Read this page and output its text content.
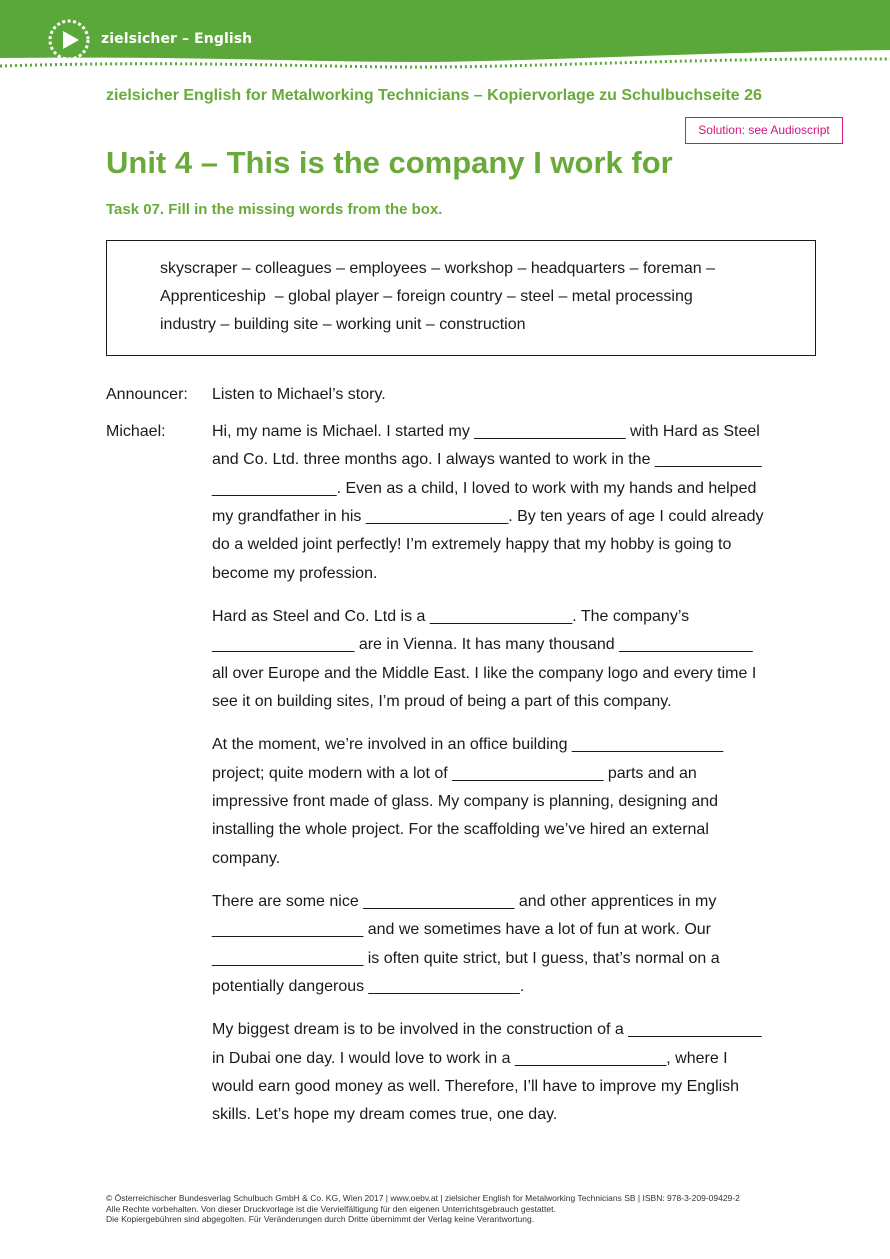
zielsicher – English
zielsicher English for Metalworking Technicians – Kopiervorlage zu Schulbuchseite 26
Solution: see Audioscript
Unit 4 – This is the company I work for
Task 07. Fill in the missing words from the box.
skyscraper – colleagues – employees – workshop – headquarters – foreman –
Apprenticeship  – global player – foreign country – steel – metal processing
industry – building site – working unit – construction
Announcer: Listen to Michael’s story.
Michael:	Hi, my name is Michael. I started my _________________ with Hard as Steel
and Co. Ltd. three months ago. I always wanted to work in the ____________
______________. Even as a child, I loved to work with my hands and helped
my grandfather in his ________________. By ten years of age I could already
do a welded joint perfectly! I’m extremely happy that my hobby is going to
become my profession.
Hard as Steel and Co. Ltd is a ________________. The company’s
________________ are in Vienna. It has many thousand _______________
all over Europe and the Middle East. I like the company logo and every time I
see it on building sites, I’m proud of being a part of this company.
At the moment, we’re involved in an office building _________________
project; quite modern with a lot of _________________ parts and an
impressive front made of glass. My company is planning, designing and
installing the whole project. For the scaffolding we’ve hired an external
company.
There are some nice _________________ and other apprentices in my
_________________ and we sometimes have a lot of fun at work. Our
_________________ is often quite strict, but I guess, that’s normal on a
potentially dangerous _________________.
My biggest dream is to be involved in the construction of a _______________
in Dubai one day. I would love to work in a _________________, where I
would earn good money as well. Therefore, I’ll have to improve my English
skills. Let’s hope my dream comes true, one day.
© Österreichischer Bundesverlag Schulbuch GmbH & Co. KG, Wien 2017 | www.oebv.at | zielsicher English for Metalworking Technicians SB | ISBN: 978-3-209-09429-2
Alle Rechte vorbehalten. Von dieser Druckvorlage ist die Vervielfältigung für den eigenen Unterrichtsgebrauch gestattet.
Die Kopiergebühren sind abgegolten. Für Veränderungen durch Dritte übernimmt der Verlag keine Verantwortung.
